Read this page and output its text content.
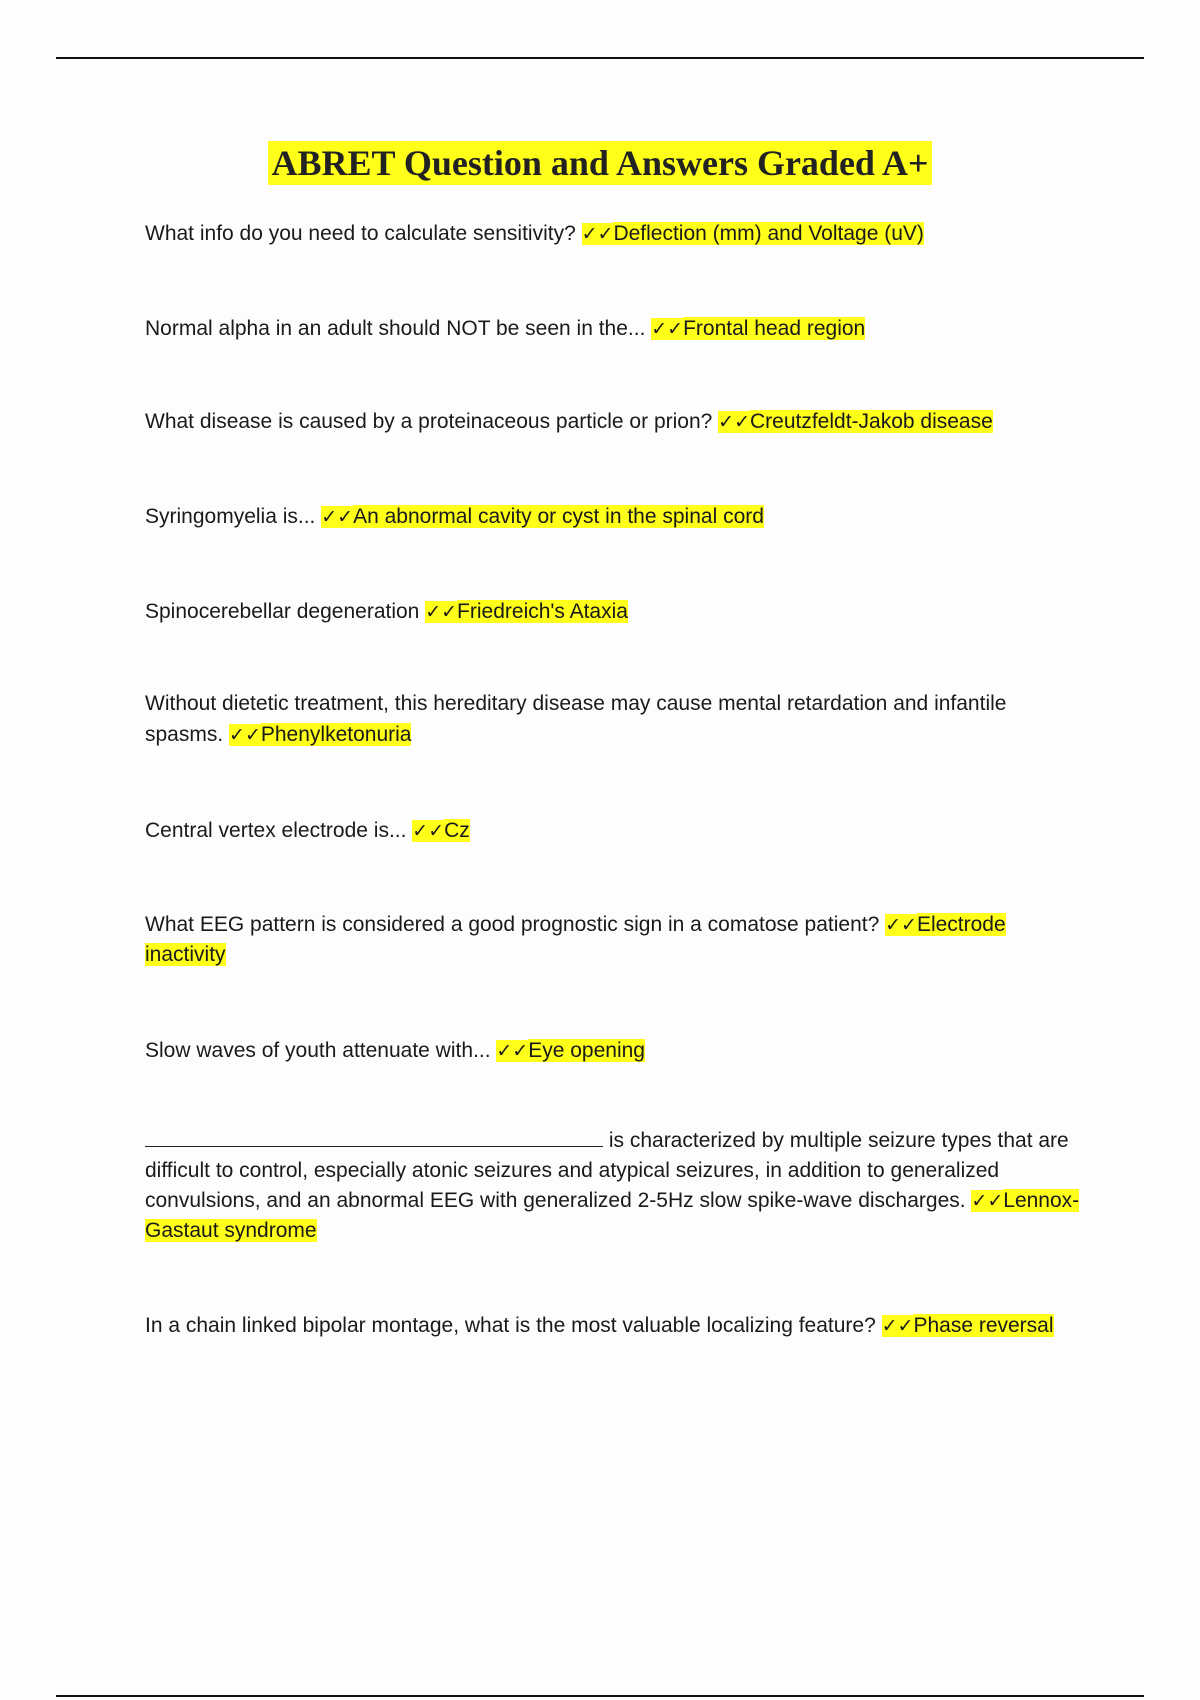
ABRET Question and Answers Graded A+
What info do you need to calculate sensitivity? ✓✓Deflection (mm) and Voltage (uV)
Normal alpha in an adult should NOT be seen in the... ✓✓Frontal head region
What disease is caused by a proteinaceous particle or prion? ✓✓Creutzfeldt-Jakob disease
Syringomyelia is... ✓✓An abnormal cavity or cyst in the spinal cord
Spinocerebellar degeneration ✓✓Friedreich's Ataxia
Without dietetic treatment, this hereditary disease may cause mental retardation and infantile spasms. ✓✓Phenylketonuria
Central vertex electrode is... ✓✓Cz
What EEG pattern is considered a good prognostic sign in a comatose patient? ✓✓Electrode inactivity
Slow waves of youth attenuate with... ✓✓Eye opening
is characterized by multiple seizure types that are difficult to control, especially atonic seizures and atypical seizures, in addition to generalized convulsions, and an abnormal EEG with generalized 2-5Hz slow spike-wave discharges. ✓✓Lennox-Gastaut syndrome
In a chain linked bipolar montage, what is the most valuable localizing feature? ✓✓Phase reversal
